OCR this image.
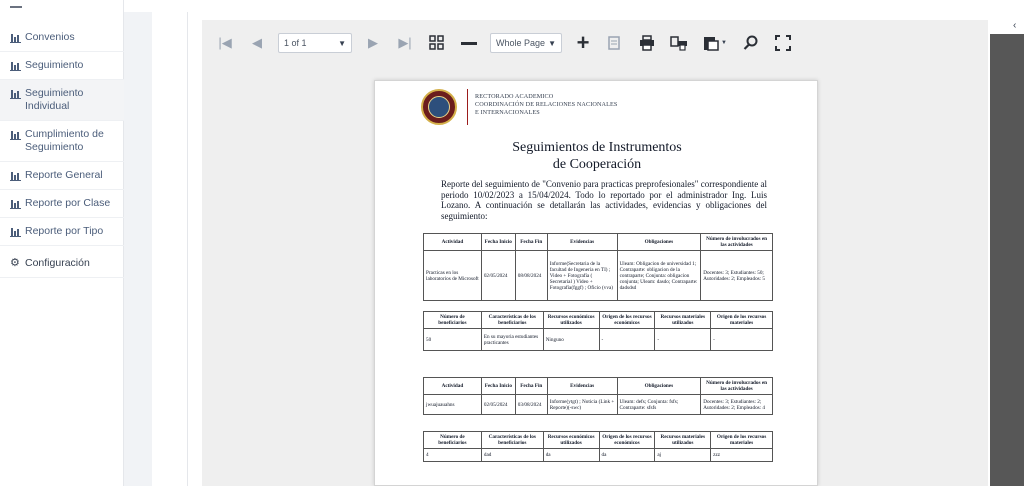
Convenios
Seguimiento
Seguimiento Individual
Cumplimiento de Seguimiento
Reporte General
Reporte por Clase
Reporte por Tipo
⚙ Configuración
|◀	◀	1 of 1	▼	▶	▶|	Whole Page ▼ +	▼
RECTORADO ACADEMICO
COORDINACIÓN DE RELACIONES NACIONALES
E INTERNACIONALES
Seguimientos de Instrumentos
de Cooperación
Reporte del seguimiento de "Convenio para practicas preprofesionales" correspondiente al periodo 10/02/2023 a 15/04/2024. Todo lo reportado por el administrador Ing. Luis Lozano. A continuación se detallarán las actividades, evidencias y obligaciones del seguimiento:
Actividad	Fecha Inicio	Fecha Fin	Evidencias	Obligaciones	Número de involucrados en las actividades
Practicas en los laboratorios de Microsoft	02/05/2024	08/08/2024	Informe(Secretaria de la facultad de Ingeneria en TI) ; Video + Fotografía ( Secretarial ) Video + Fotografía(fggf) ; Oficio (vva)	Uleam: Obligacion de universidad 1; Contraparte: obligacion de la contraparte; Conjunta: obligacion conjunta; Uleam: dasdo; Contraparte: dadsdsd	Docentes: 3; Estudiantes: 50; Autoridades: 2; Empleados: 5
Número de beneficiarios	Características de los beneficiarios	Recursos económicos utilizados	Origen de los recursos económicos	Recursos materiales utilizados	Origen de los recursos materiales
50	En su mayoria estudiantes practicantes	Ninguno	-	-	-
Actividad	Fecha Inicio	Fecha Fin	Evidencias	Obligaciones	Número de involucrados en las actividades
jwuajuauahns	02/05/2024	03/08/2024	Informe(ytgt) ; Noticia (Link + Reporte)(-swc)	Uleam: defs; Conjunta: fsfs; Contraparte: sfsfs	Docentes: 3; Estudiantes: 2; Autoridades: 2; Empleados: 4
Número de beneficiarios	Características de los beneficiarios	Recursos económicos utilizados	Origen de los recursos económicos	Recursos materiales utilizados	Origen de los recursos materiales
4	dad	da	da	aj	zzz
‹
